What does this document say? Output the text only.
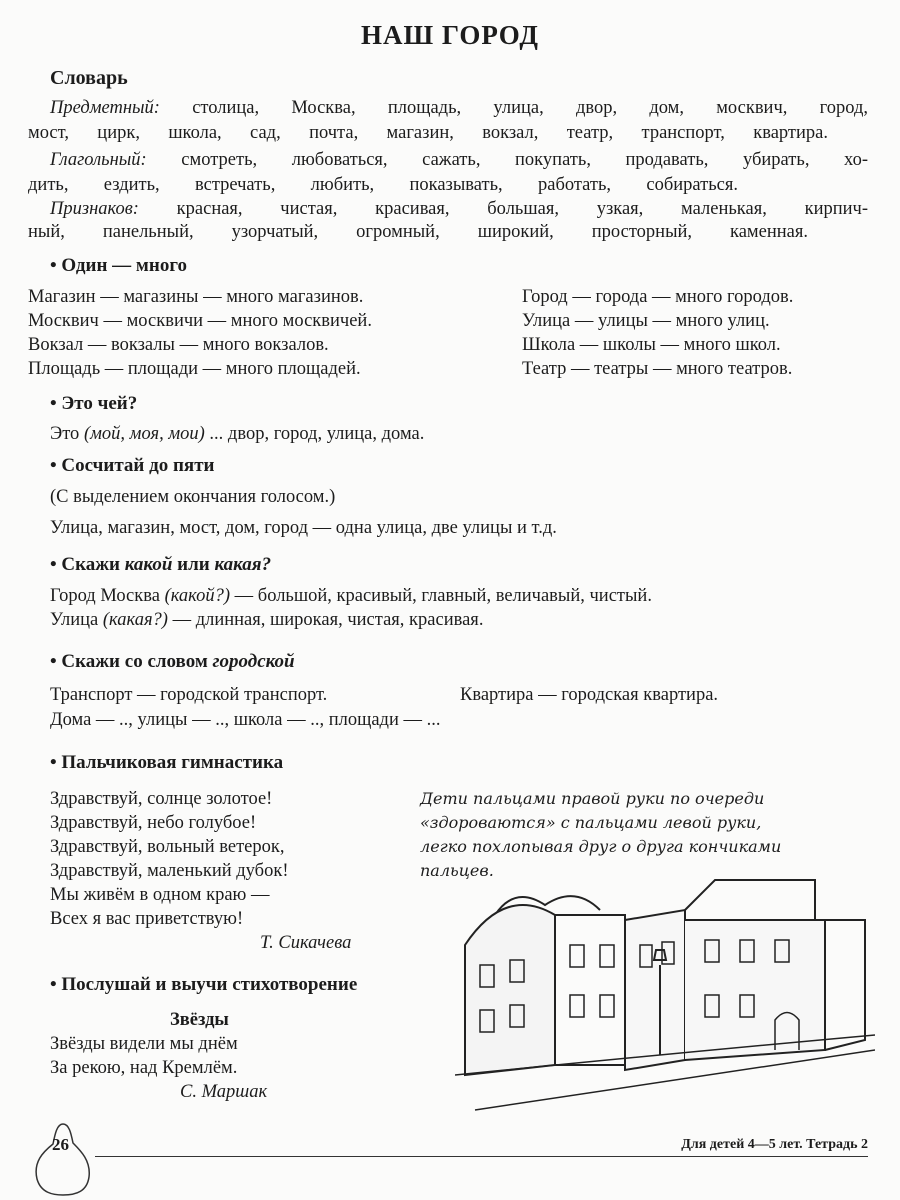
НАШ ГОРОД
Словарь
Предметный: столица, Москва, площадь, улица, двор, дом, москвич, город,
мост, цирк, школа, сад, почта, магазин, вокзал, театр, транспорт, квартира.
Глагольный: смотреть, любоваться, сажать, покупать, продавать, убирать, хо-
дить, ездить, встречать, любить, показывать, работать, собираться.
Признаков: красная, чистая, красивая, большая, узкая, маленькая, кирпич-
ный, панельный, узорчатый, огромный, широкий, просторный, каменная.
• Один — много
Магазин — магазины — много магазинов.
Москвич — москвичи — много москвичей.
Вокзал — вокзалы — много вокзалов.
Площадь — площади — много площадей.
Город — города — много городов.
Улица — улицы — много улиц.
Школа — школы — много школ.
Театр — театры — много театров.
• Это чей?
Это (мой, моя, мои) ... двор, город, улица, дома.
• Сосчитай до пяти
(С выделением окончания голосом.)
Улица, магазин, мост, дом, город — одна улица, две улицы и т.д.
• Скажи какой или какая?
Город Москва (какой?) — большой, красивый, главный, величавый, чистый.
Улица (какая?) — длинная, широкая, чистая, красивая.
• Скажи со словом городской
Транспорт — городской транспорт.	Квартира — городская квартира.
Дома — .., улицы — .., школа — .., площади — ...
• Пальчиковая гимнастика
Здравствуй, солнце золотое!
Здравствуй, небо голубое!
Здравствуй, вольный ветерок,
Здравствуй, маленький дубок!
Мы живём в одном краю —
Всех я вас приветствую!
Т. Сикачева
Дети пальцами правой руки по очереди
«здороваются» с пальцами левой руки,
легко похлопывая друг о друга кончиками
пальцев.
• Послушай и выучи стихотворение
Звёзды
Звёзды видели мы днём
За рекою, над Кремлём.
С. Маршак
26	Для детей 4—5 лет. Тетрадь 2
